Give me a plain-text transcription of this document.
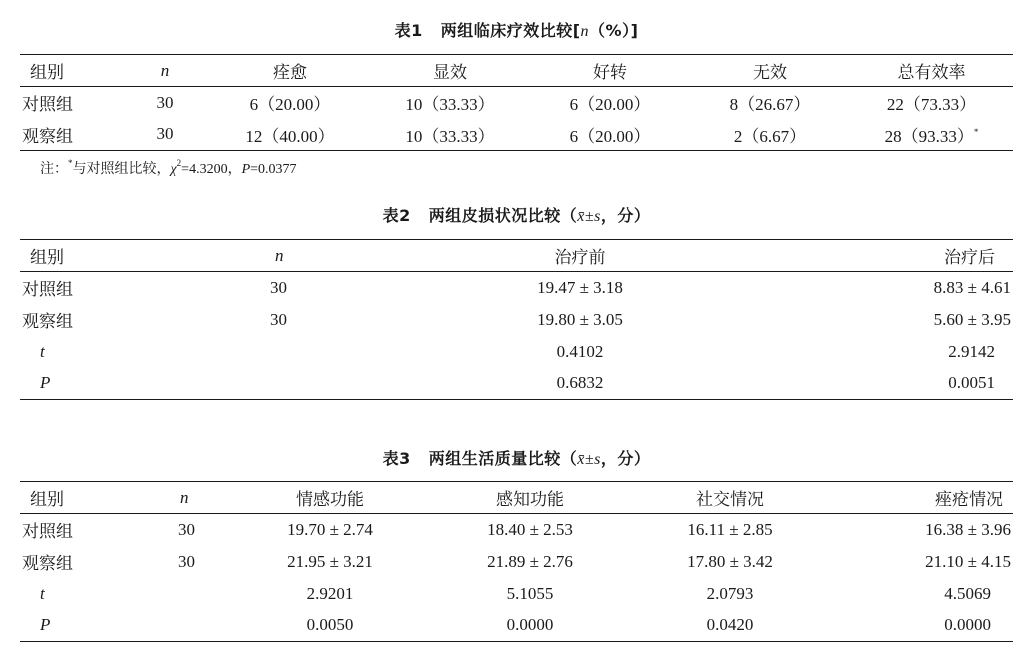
表1 两组临床疗效比较[n（%）]
组别	n	痊愈	显效	好转	无效	总有效率
对照组	30	6（20.00）	10（33.33）	6（20.00）	8（26.67）	22（73.33）
观察组	30	12（40.00）	10（33.33）	6（20.00）	2（6.67）	28（93.33）*
注：*与对照组比较，$\chi^2=4.3200$，P=0.0377
表2 两组皮损状况比较（x̄±s，分）
组别	n	治疗前	治疗后
对照组	30	19.47 ± 3.18	8.83 ± 4.61
观察组	30	19.80 ± 3.05	5.60 ± 3.95
t		0.4102	2.9142
P		0.6832	0.0051
表3 两组生活质量比较（x̄±s，分）
组别	n	情感功能	感知功能	社交情况	痤疮情况
对照组	30	19.70 ± 2.74	18.40 ± 2.53	16.11 ± 2.85	16.38 ± 3.96
观察组	30	21.95 ± 3.21	21.89 ± 2.76	17.80 ± 3.42	21.10 ± 4.15
t		2.9201	5.1055	2.0793	4.5069
P		0.0050	0.0000	0.0420	0.0000
